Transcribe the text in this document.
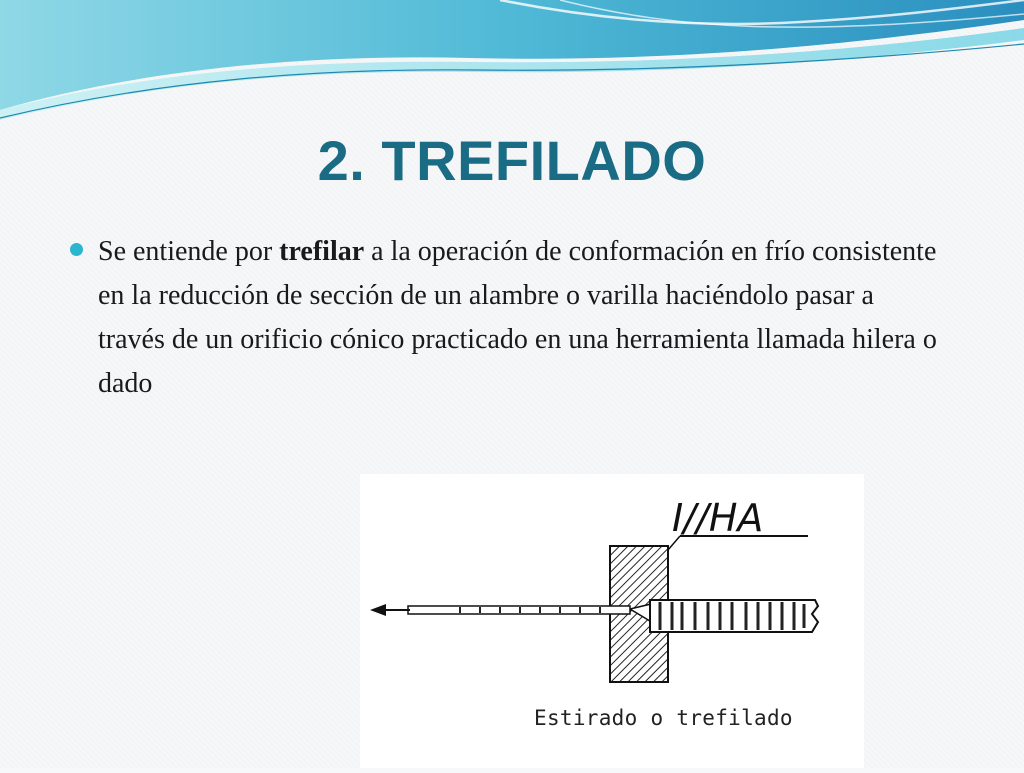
2. TREFILADO

Se entiende por trefilar a la operación de conformación en frío consistente en la reducción de sección de un alambre o varilla haciéndolo pasar a través de un orificio cónico practicado en una herramienta llamada hilera o dado

I//HA
Estirado o trefilado
